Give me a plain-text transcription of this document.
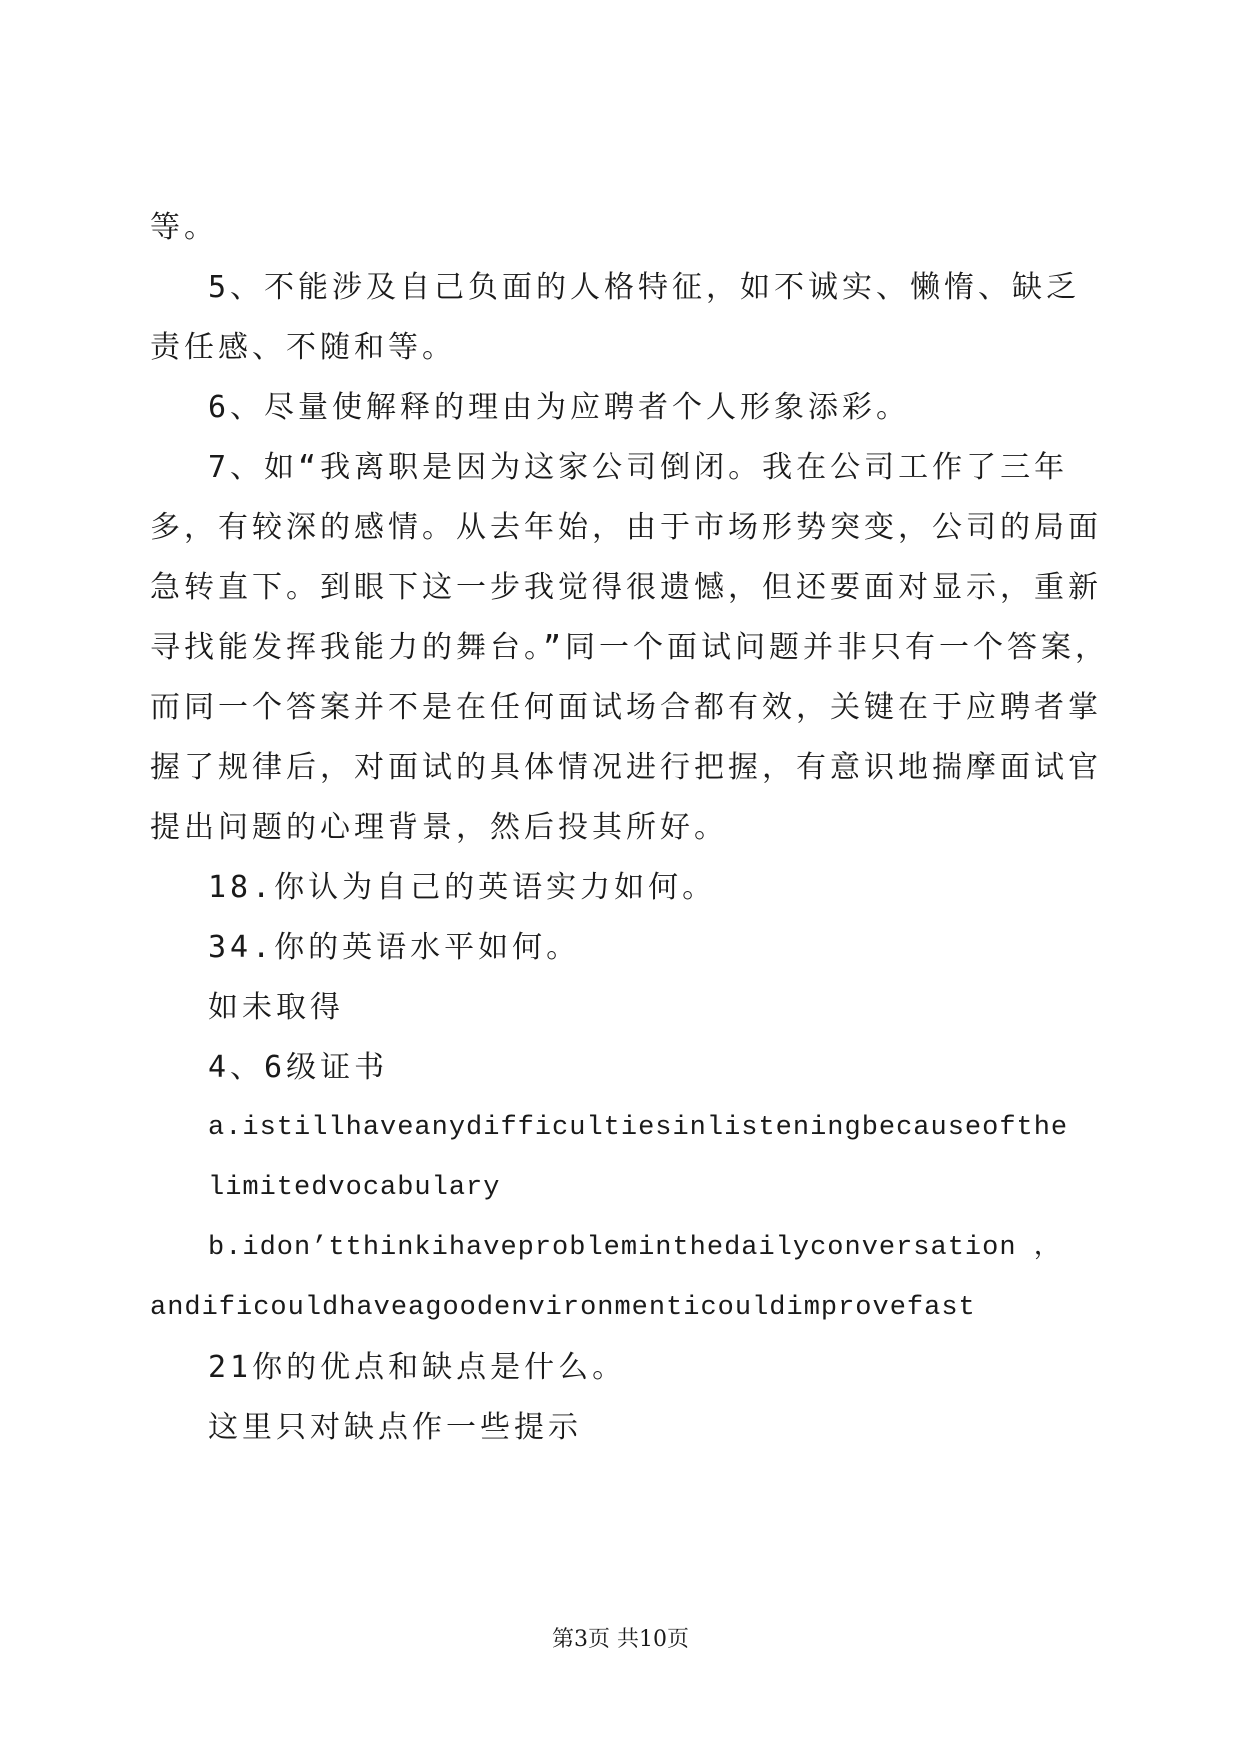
等。
5、不能涉及自己负面的人格特征，如不诚实、懒惰、缺乏
责任感、不随和等。
6、尽量使解释的理由为应聘者个人形象添彩。
7、如“我离职是因为这家公司倒闭。我在公司工作了三年
多，有较深的感情。从去年始，由于市场形势突变，公司的局面
急转直下。到眼下这一步我觉得很遗憾，但还要面对显示，重新
寻找能发挥我能力的舞台。”同一个面试问题并非只有一个答案，
而同一个答案并不是在任何面试场合都有效，关键在于应聘者掌
握了规律后，对面试的具体情况进行把握，有意识地揣摩面试官
提出问题的心理背景，然后投其所好。
18.你认为自己的英语实力如何。
34.你的英语水平如何。
如未取得
4、6级证书
a.istillhaveanydifficultiesinlisteningbecauseofthe
limitedvocabulary
b.idon’tthinkihaveprobleminthedailyconversation ，
andificouldhaveagoodenvironmenticouldimprovefast
21你的优点和缺点是什么。
这里只对缺点作一些提示
第3页 共10页
